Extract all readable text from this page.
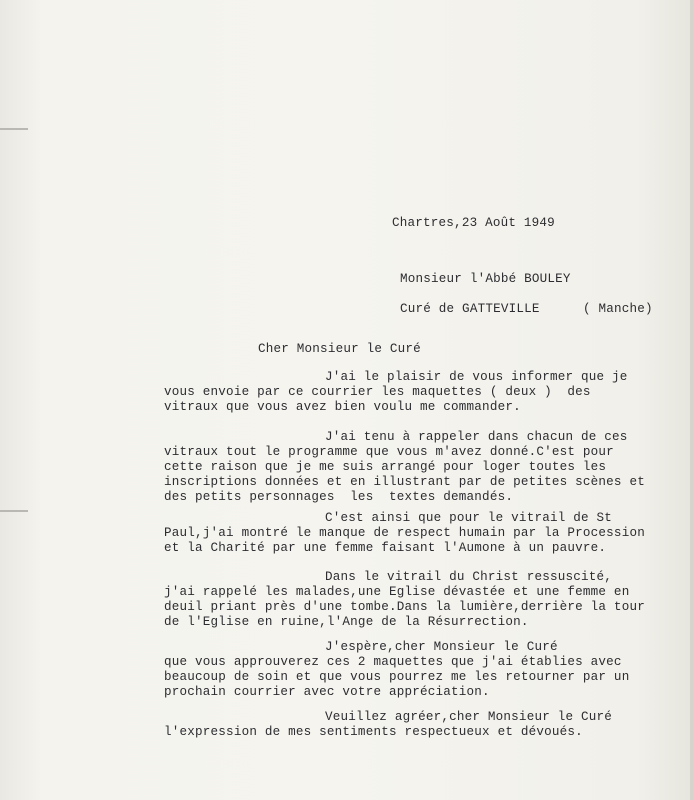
Chartres,23 Août 1949
Monsieur l'Abbé BOULEY
Curé de GATTEVILLE	( Manche)
Cher Monsieur le Curé
J'ai le plaisir de vous informer que je
vous envoie par ce courrier les maquettes ( deux )  des
vitraux que vous avez bien voulu me commander.
J'ai tenu à rappeler dans chacun de ces
vitraux tout le programme que vous m'avez donné.C'est pour
cette raison que je me suis arrangé pour loger toutes les
inscriptions données et en illustrant par de petites scènes et
des petits personnages  les  textes demandés.
C'est ainsi que pour le vitrail de St
Paul,j'ai montré le manque de respect humain par la Procession
et la Charité par une femme faisant l'Aumone à un pauvre.
Dans le vitrail du Christ ressuscité,
j'ai rappelé les malades,une Eglise dévastée et une femme en
deuil priant près d'une tombe.Dans la lumière,derrière la tour
de l'Eglise en ruine,l'Ange de la Résurrection.
J'espère,cher Monsieur le Curé
que vous approuverez ces 2 maquettes que j'ai établies avec
beaucoup de soin et que vous pourrez me les retourner par un
prochain courrier avec votre appréciation.
Veuillez agréer,cher Monsieur le Curé
l'expression de mes sentiments respectueux et dévoués.
